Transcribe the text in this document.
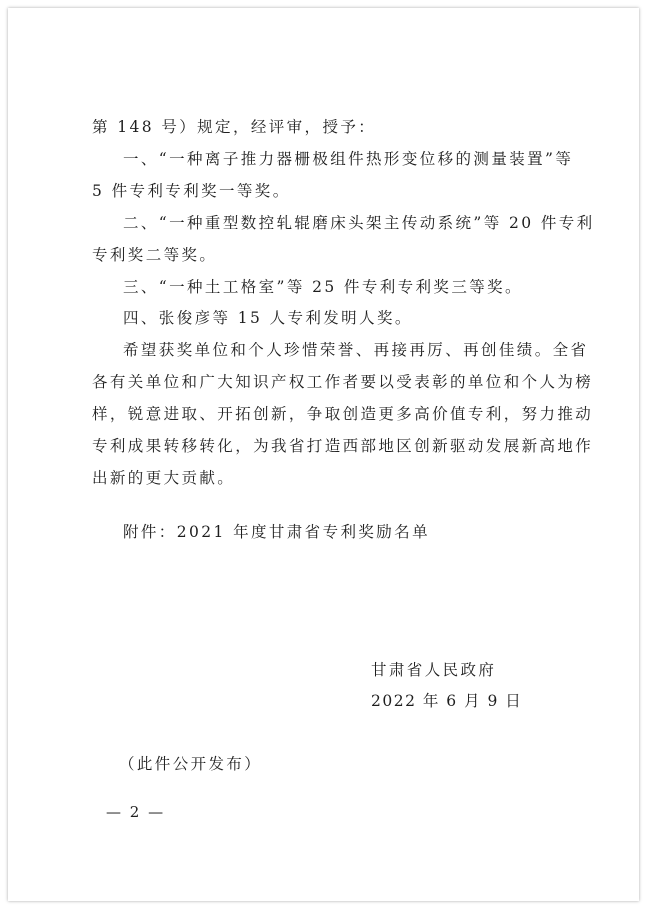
第 148 号）规定，经评审，授予：
一、“一种离子推力器栅极组件热形变位移的测量装置”等
5 件专利专利奖一等奖。
二、“一种重型数控轧辊磨床头架主传动系统”等 20 件专利
专利奖二等奖。
三、“一种土工格室”等 25 件专利专利奖三等奖。
四、张俊彦等 15 人专利发明人奖。
希望获奖单位和个人珍惜荣誉、再接再厉、再创佳绩。全省
各有关单位和广大知识产权工作者要以受表彰的单位和个人为榜
样，锐意进取、开拓创新，争取创造更多高价值专利，努力推动
专利成果转移转化，为我省打造西部地区创新驱动发展新高地作
出新的更大贡献。
附件：2021 年度甘肃省专利奖励名单
甘肃省人民政府
2022 年 6 月 9 日
（此件公开发布）
— 2 —
